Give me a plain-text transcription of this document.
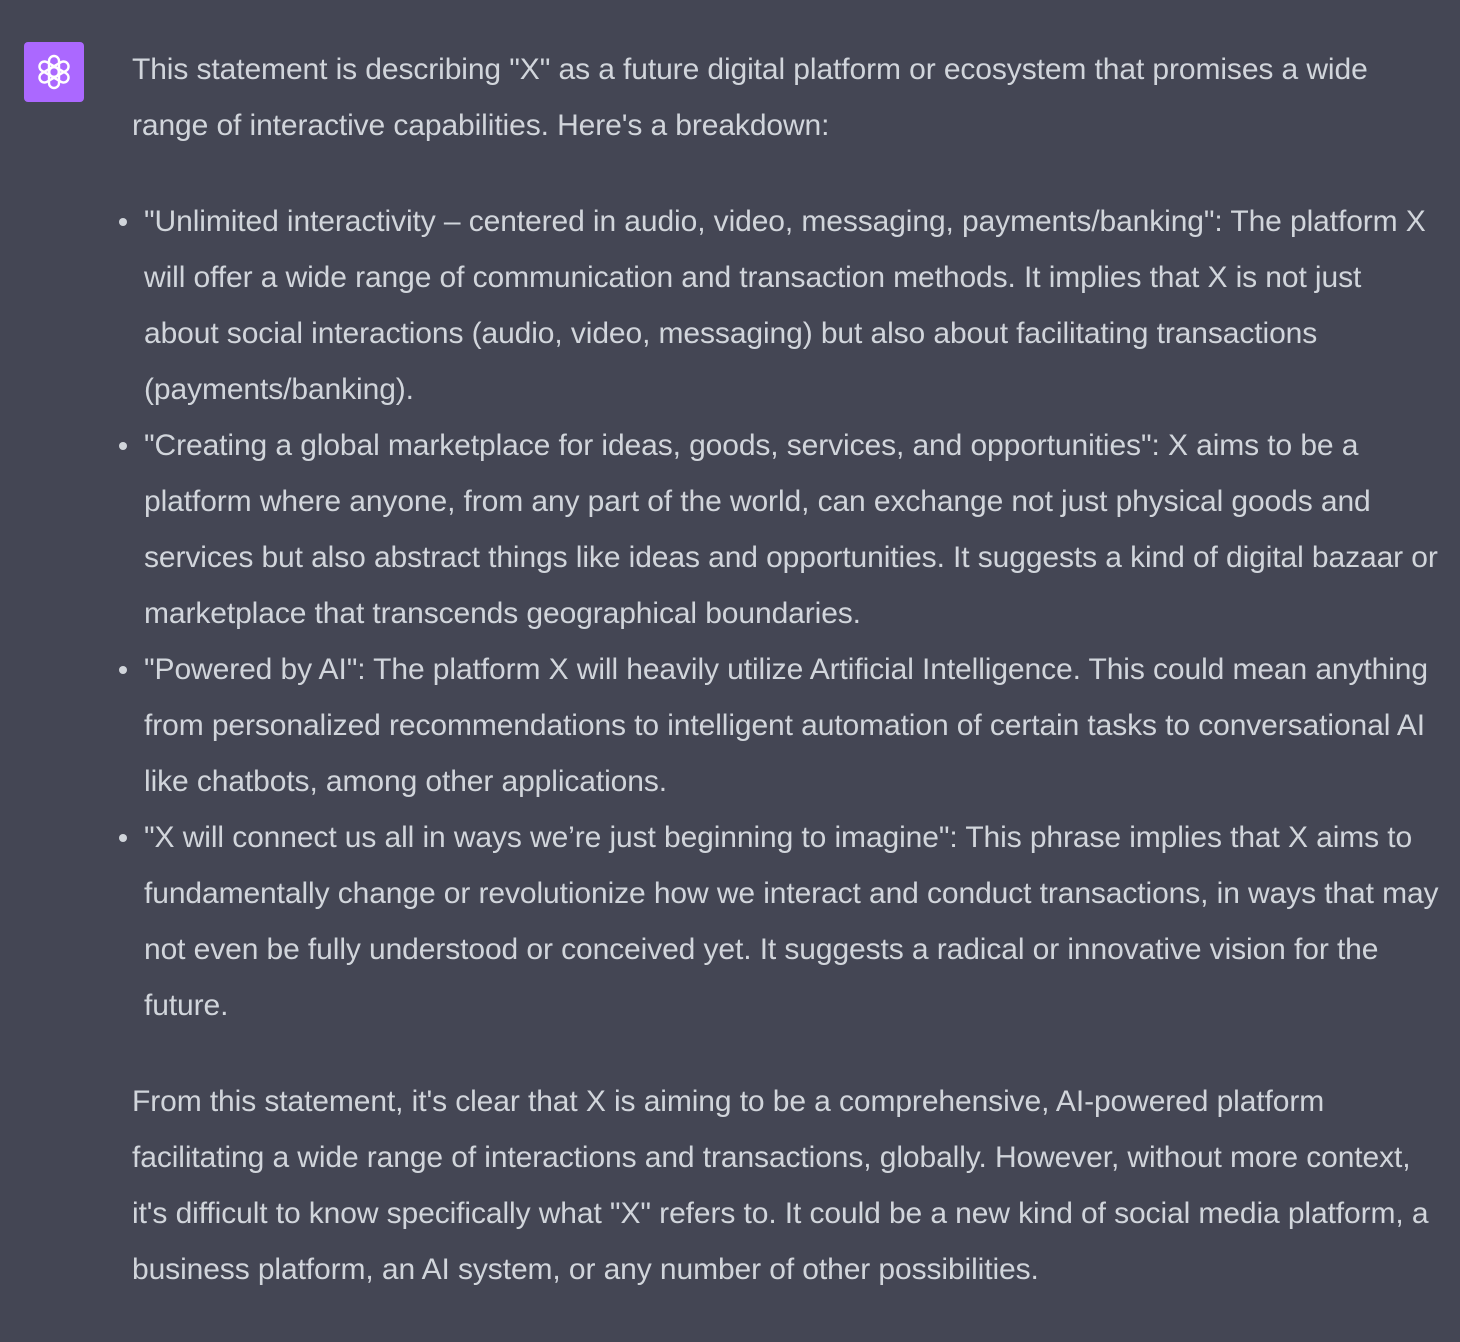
This statement is describing "X" as a future digital platform or ecosystem that promises a wide range of interactive capabilities. Here's a breakdown:

"Unlimited interactivity – centered in audio, video, messaging, payments/banking": The platform X will offer a wide range of communication and transaction methods. It implies that X is not just about social interactions (audio, video, messaging) but also about facilitating transactions (payments/banking).
"Creating a global marketplace for ideas, goods, services, and opportunities": X aims to be a platform where anyone, from any part of the world, can exchange not just physical goods and services but also abstract things like ideas and opportunities. It suggests a kind of digital bazaar or marketplace that transcends geographical boundaries.
"Powered by AI": The platform X will heavily utilize Artificial Intelligence. This could mean anything from personalized recommendations to intelligent automation of certain tasks to conversational AI like chatbots, among other applications.
"X will connect us all in ways we’re just beginning to imagine": This phrase implies that X aims to fundamentally change or revolutionize how we interact and conduct transactions, in ways that may not even be fully understood or conceived yet. It suggests a radical or innovative vision for the future.

From this statement, it's clear that X is aiming to be a comprehensive, AI-powered platform facilitating a wide range of interactions and transactions, globally. However, without more context, it's difficult to know specifically what "X" refers to. It could be a new kind of social media platform, a business platform, an AI system, or any number of other possibilities.
